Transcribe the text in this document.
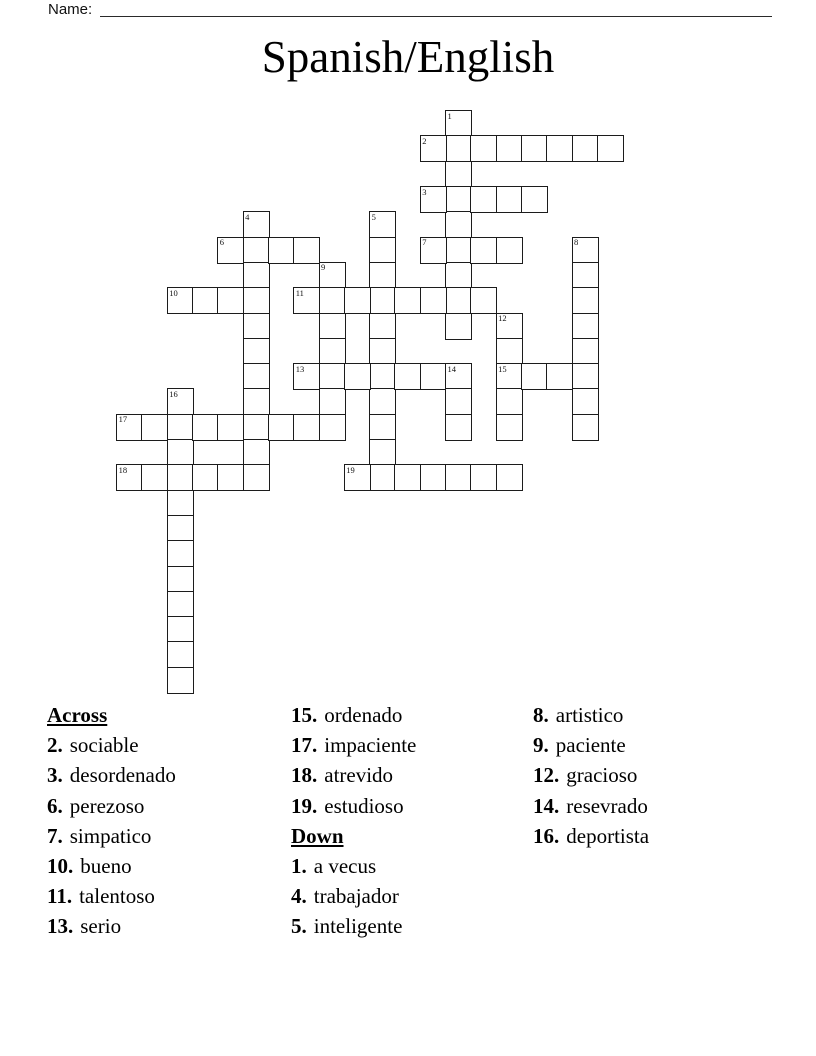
Name:
Spanish/English
1
2
3
4	5
6	7	8
9
10	11
12
15
13	14
16
17
18	19
Across
2. sociable
3. desordenado
6. perezoso
7. simpatico
10. bueno
11. talentoso
13. serio
15. ordenado
17. impaciente
18. atrevido
19. estudioso
Down
1. a vecus
4. trabajador
5. inteligente
8. artistico
9. paciente
12. gracioso
14. resevrado
16. deportista
